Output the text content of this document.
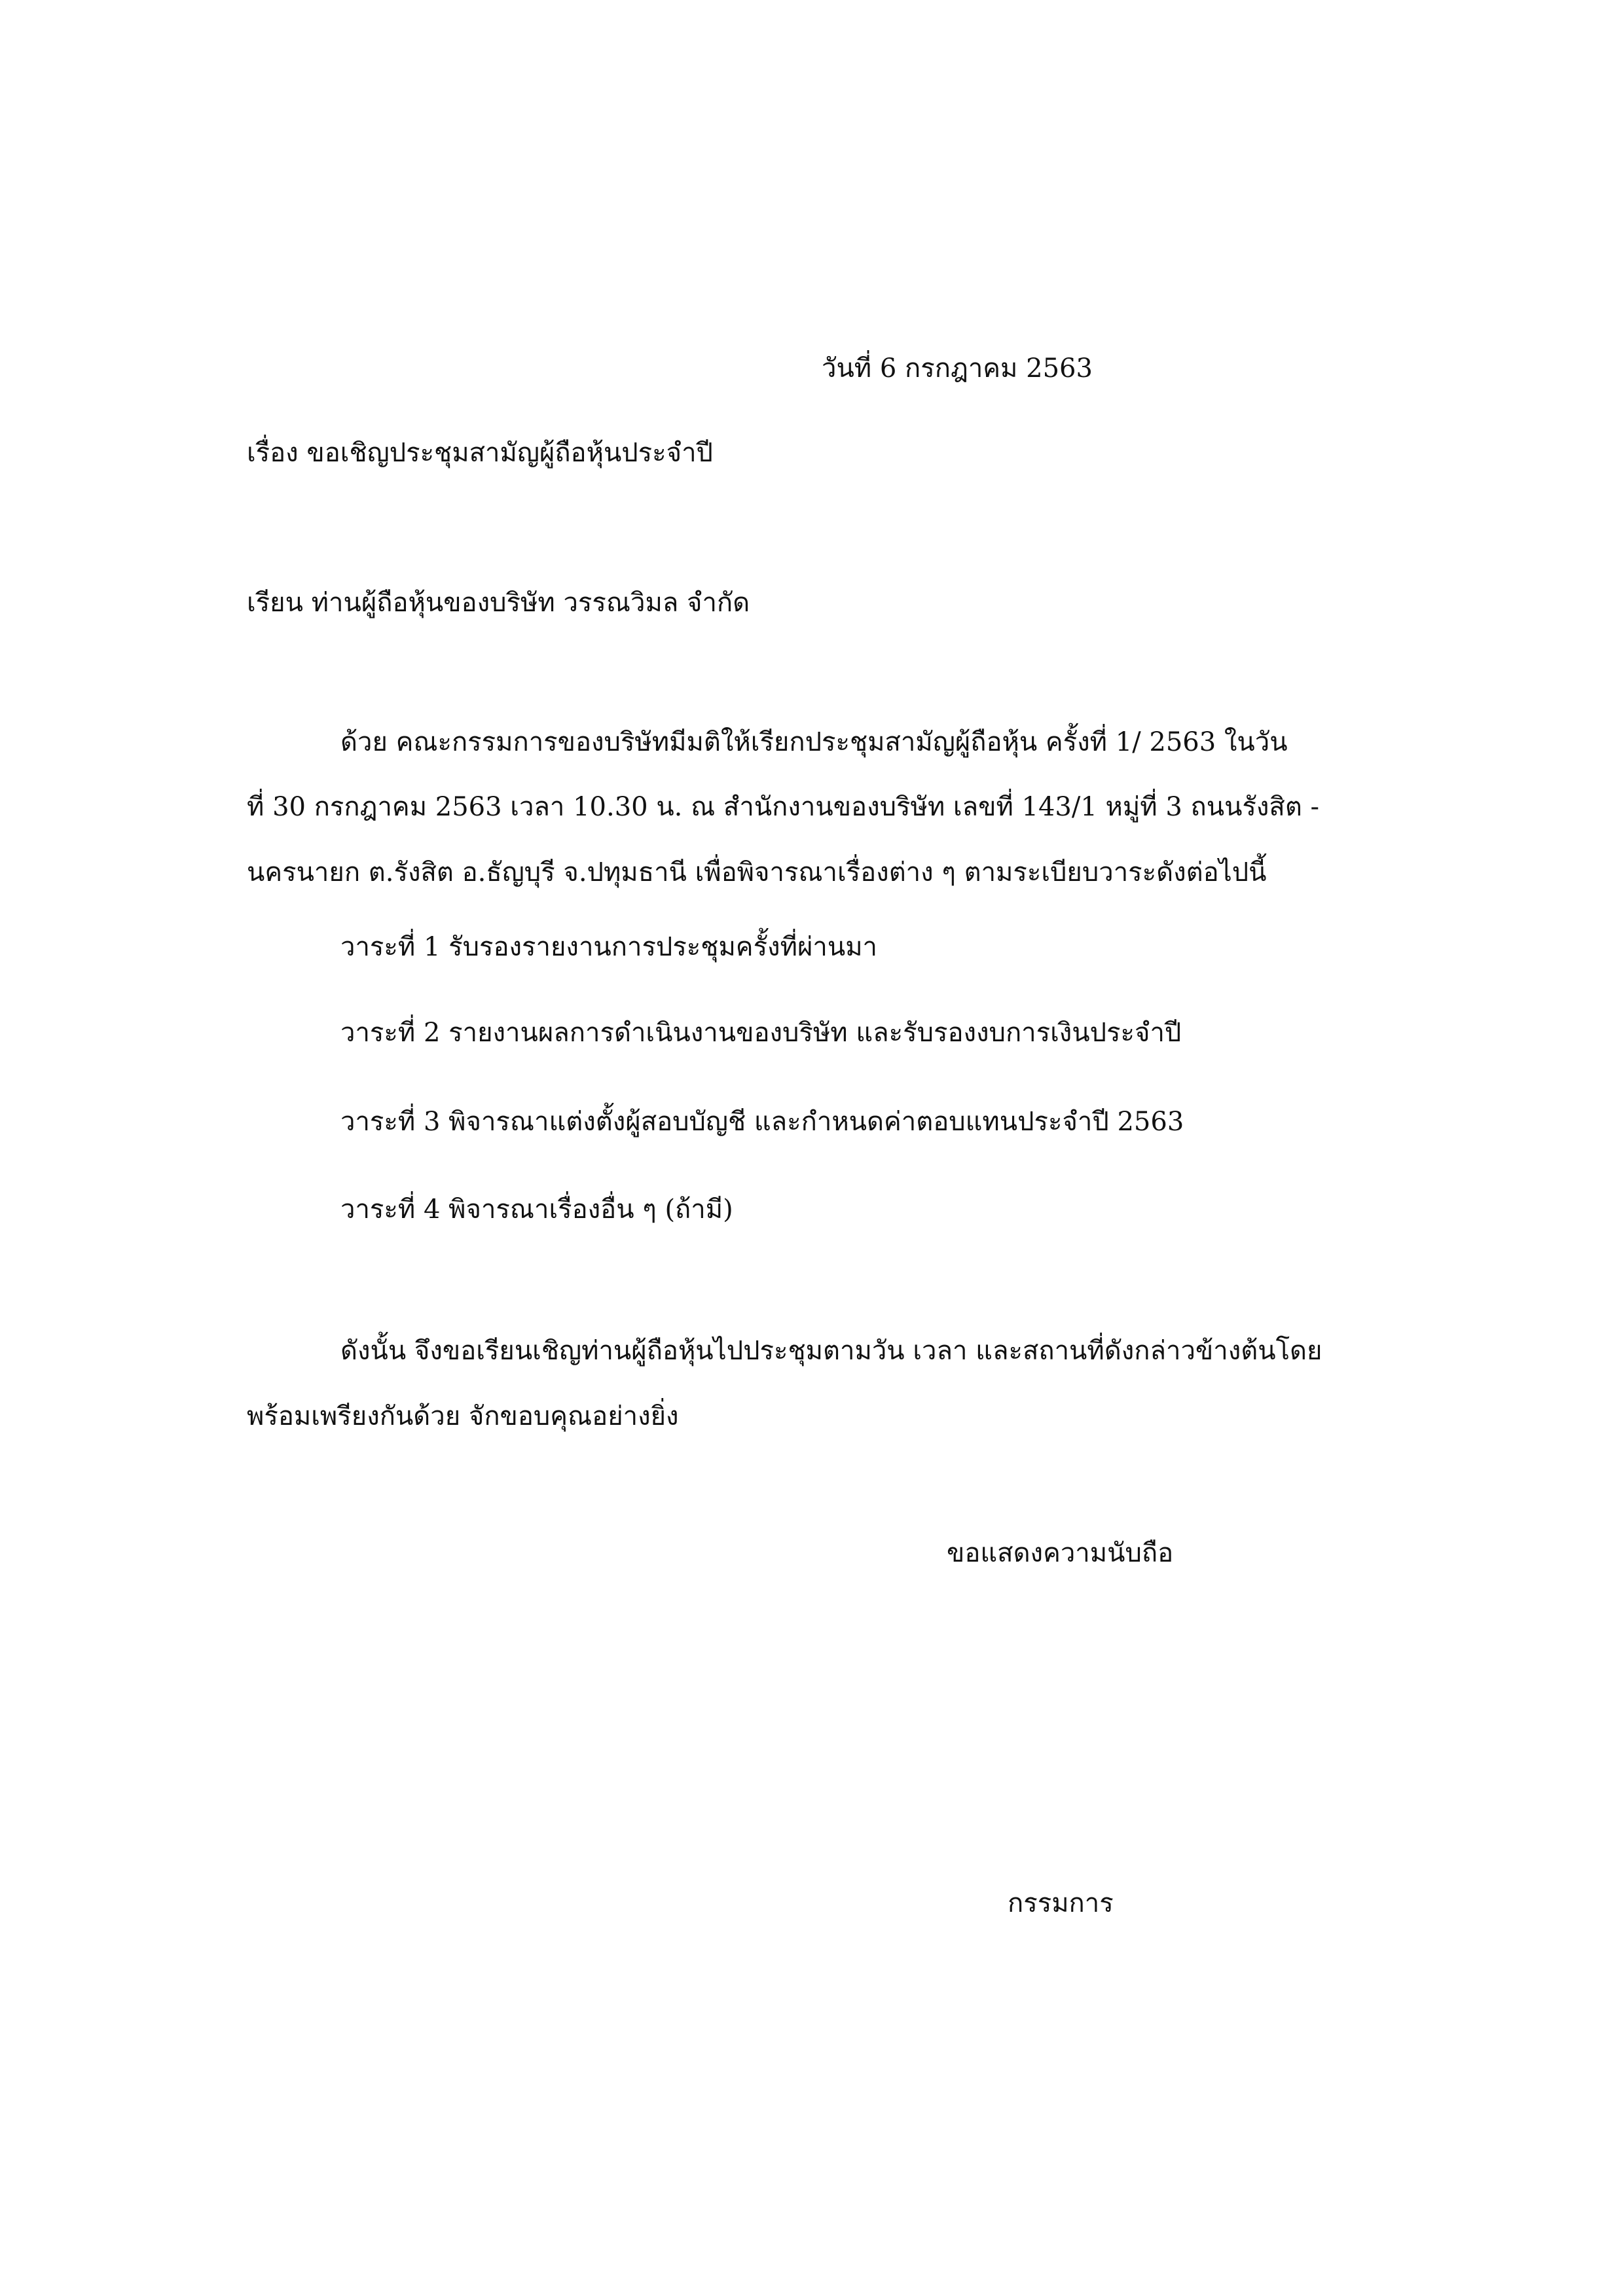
วันที่ 6 กรกฎาคม 2563
เรื่อง ขอเชิญประชุมสามัญผู้ถือหุ้นประจำปี
เรียน ท่านผู้ถือหุ้นของบริษัท วรรณวิมล จำกัด
ด้วย คณะกรรมการของบริษัทมีมติให้เรียกประชุมสามัญผู้ถือหุ้น ครั้งที่ 1/ 2563 ในวัน
ที่ 30 กรกฎาคม 2563 เวลา 10.30 น. ณ สำนักงานของบริษัท เลขที่ 143/1 หมู่ที่ 3 ถนนรังสิต -
นครนายก ต.รังสิต อ.ธัญบุรี จ.ปทุมธานี เพื่อพิจารณาเรื่องต่าง ๆ ตามระเบียบวาระดังต่อไปนี้
วาระที่ 1 รับรองรายงานการประชุมครั้งที่ผ่านมา
วาระที่ 2 รายงานผลการดำเนินงานของบริษัท และรับรองงบการเงินประจำปี
วาระที่ 3 พิจารณาแต่งตั้งผู้สอบบัญชี และกำหนดค่าตอบแทนประจำปี 2563
วาระที่ 4 พิจารณาเรื่องอื่น ๆ (ถ้ามี)
ดังนั้น จึงขอเรียนเชิญท่านผู้ถือหุ้นไปประชุมตามวัน เวลา และสถานที่ดังกล่าวข้างต้นโดย
พร้อมเพรียงกันด้วย จักขอบคุณอย่างยิ่ง
ขอแสดงความนับถือ
กรรมการ
